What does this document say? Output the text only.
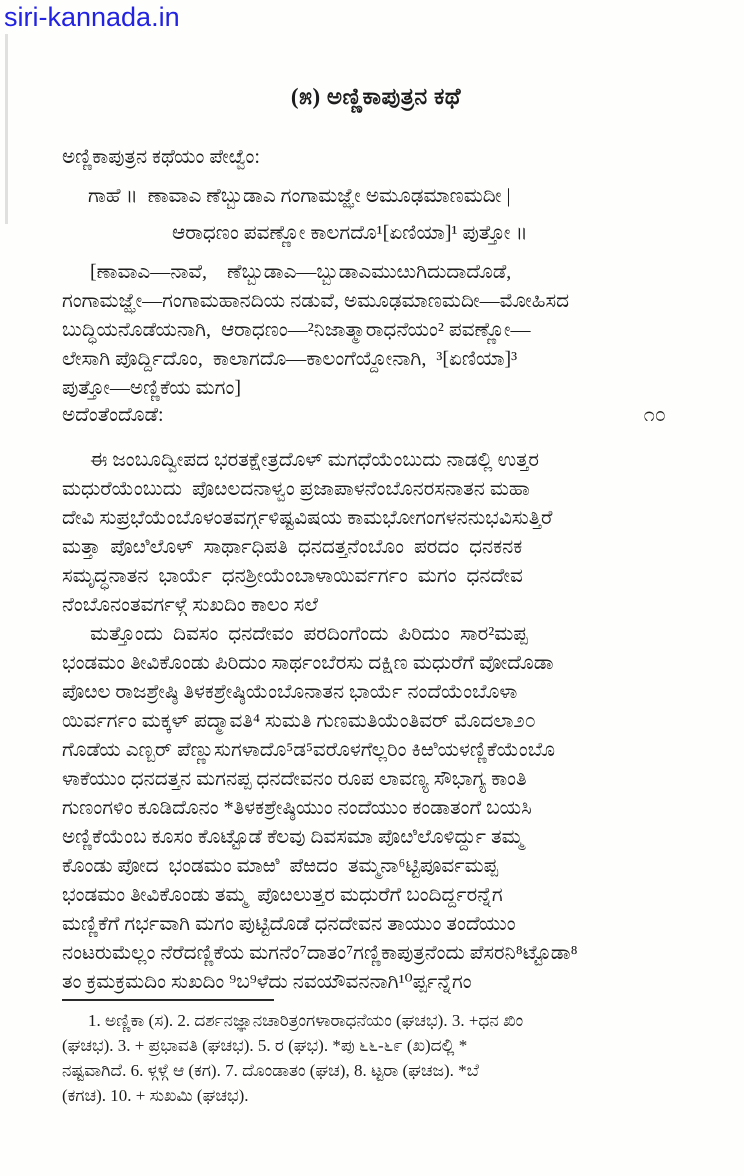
siri-kannada.in
(೫) ಅಣ್ಣಿಕಾಪುತ್ರನ ಕಥೆ
ಅಣ್ಣಿಕಾಪುತ್ರನ ಕಥೆಯಂ ಪೇೞ್ವೆಂ:
ಗಾಹೆ ॥  ಣಾವಾಎ ಣೆಬ್ಬುಡಾಎ ಗಂಗಾಮಜ್ಝೇ ಅಮೂಢಮಾಣಮದೀ |
ಆರಾಧಣಂ ಪವಣ್ಣೋ ಕಾಲಗದೊ¹[ಏಣಿಯಾ]¹ ಪುತ್ತೋ ॥
[ಣಾವಾಎ—ನಾವೆ,    ಣೆಬ್ಬುಡಾಎ—ಬ್ಬುಡಾಎಮುೞುಗಿದುದಾದೊಡೆ,
ಗಂಗಾಮಜ್ಝೇ—ಗಂಗಾಮಹಾನದಿಯ ನಡುವೆ, ಅಮೂಢಮಾಣಮದೀ—ಮೋಹಿಸದ
ಬುದ್ಧಿಯನೊಡೆಯನಾಗಿ,  ಆರಾಧಣಂ—²ನಿಜಾತ್ಮಾರಾಧನೆಯಂ² ಪವಣ್ಣೋ—
ಲೇಸಾಗಿ ಪೊರ್ದ್ದಿದೊಂ,  ಕಾಲಾಗದೊ—ಕಾಲಂಗೆಯ್ದೋನಾಗಿ,  ³[ಏಣಿಯಾ]³
ಪುತ್ತೋ—ಅಣ್ಣಿಕೆಯ ಮಗಂ]
ಅದೆಂತೆಂದೊಡೆ:	೧೦
ಈ ಜಂಬೂದ್ವೀಪದ ಭರತಕ್ಷೇತ್ರದೊಳ್ ಮಗಧೆಯೆಂಬುದು ನಾಡಲ್ಲಿ ಉತ್ತರ
ಮಧುರೆಯೆಂಬುದು  ಪೊೞಲದನಾಳ್ವಂ ಪ್ರಜಾಪಾಳನೆಂಬೊನರಸನಾತನ ಮಹಾ
ದೇವಿ ಸುಪ್ರಭೆಯೆಂಬೊಳಂತವರ್ಗ್ಗಳಿಷ್ಟವಿಷಯ ಕಾಮಭೋಗಂಗಳನನುಭವಿಸುತ್ತಿರೆ
ಮತ್ತಾ  ಪೊೞಿಲೊಳ್  ಸಾರ್ಥಾಧಿಪತಿ  ಧನದತ್ತನೆಂಬೊಂ  ಪರದಂ  ಧನಕನಕ
ಸಮೃದ್ಧನಾತನ  ಭಾರ್ಯೆ  ಧನಶ್ರೀಯೆಂಬಾಳಾಯಿರ್ವರ್ಗಂ  ಮಗಂ  ಧನದೇವ
ನೆಂಬೊನಂತವರ್ಗಳ್ಗೆ ಸುಖದಿಂ ಕಾಲಂ ಸಲೆ
ಮತ್ತೊಂದು  ದಿವಸಂ  ಧನದೇವಂ  ಪರದಿಂಗೆಂದು  ಪಿರಿದುಂ  ಸಾರ²ಮಪ್ಪ
ಭಂಡಮಂ ತೀವಿಕೊಂಡು ಪಿರಿದುಂ ಸಾರ್ಥಂಬೆರಸು ದಕ್ಷಿಣ ಮಧುರೆಗೆ ವೋದೊಡಾ
ಪೊೞಲ ರಾಜಶ್ರೇಷ್ಠಿ ತಿಳಕಶ್ರೇಷ್ಠಿಯೆಂಬೊನಾತನ ಭಾರ್ಯೆ ನಂದೆಯೆಂಬೊಳಾ
ಯಿರ್ವರ್ಗಂ ಮಕ್ಕಳ್ ಪದ್ಮಾವತಿ⁴ ಸುಮತಿ ಗುಣಮತಿಯೆಂತಿವರ್ ಮೊದಲಾ೨೦
ಗೊಡೆಯ ಎಣ್ಬರ್ ಪೆಣ್ಣುಸುಗಳಾದೊ⁵ಡ⁵ವರೊಳಗೆಲ್ಲರಿಂ ಕಿಱಿಯಳಣ್ಣಿಕೆಯೆಂಬೊ
ಳಾಕೆಯುಂ ಧನದತ್ತನ ಮಗನಪ್ಪ ಧನದೇವನಂ ರೂಪ ಲಾವಣ್ಯ ಸೌಭಾಗ್ಯ ಕಾಂತಿ
ಗುಣಂಗಳಿಂ ಕೂಡಿದೊನಂ *ತಿಳಕಶ್ರೇಷ್ಠಿಯುಂ ನಂದೆಯುಂ ಕಂಡಾತಂಗೆ ಬಯಸಿ
ಅಣ್ಣಿಕೆಯೆಂಬ ಕೂಸಂ ಕೊಟ್ಟೊಡೆ ಕೆಲವು ದಿವಸಮಾ ಪೊೞಿಲೊಳಿರ್ದ್ದು ತಮ್ಮ
ಕೊಂಡು ಪೋದ  ಭಂಡಮಂ ಮಾಱಿ  ಪೆಱದಂ  ತಮ್ಮನಾ⁶ಟ್ಟಿಪೂರ್ವಮಪ್ಪ
ಭಂಡಮಂ ತೀವಿಕೊಂಡು ತಮ್ಮ  ಪೊೞಲುತ್ತರ ಮಧುರೆಗೆ ಬಂದಿರ್ದ್ದರನ್ನೆಗ
ಮಣ್ಣಿಕೆಗೆ ಗರ್ಭವಾಗಿ ಮಗಂ ಪುಟ್ಟಿದೊಡೆ ಧನದೇವನ ತಾಯುಂ ತಂದೆಯುಂ
ನಂಟರುಮೆಲ್ಲಂ ನೆರೆದಣ್ಣಿಕೆಯ ಮಗನೆಂ⁷ದಾತಂ⁷ಗಣ್ಣಿಕಾಪುತ್ರನೆಂದು ಪೆಸರನಿ⁸ಟ್ಟೊಡಾ⁸
ತಂ ಕ್ರಮಕ್ರಮದಿಂ ಸುಖದಿಂ ⁹ಬ⁹ಳೆದು ನವಯೌವನನಾಗಿ¹⁰ರ್ಪ್ಪನ್ನೆಗಂ
1. ಅಣ್ಣಿಕಾ (ಸ). 2. ದರ್ಶನಜ್ಞಾನಚಾರಿತ್ರಂಗಳಾರಾಧನೆಯಂ (ಘಚಭ). 3. +ಧನ ಖಿಂ
(ಘಚಭ). 3. + ಪ್ರಭಾವತಿ (ಘಚಭ). 5. ರ (ಘಭ). *ಪು ೬೬-೬೯ (ಖ)ದಲ್ಲಿ *
ನಷ್ಟವಾಗಿದೆ. 6. ಳ್ಗಳ್ಗೆ ಆ (ಕಗ). 7. ದೊಂಡಾತಂ (ಘಚ), 8. ಟ್ಟರಾ (ಘಚಜ). *ಬೆ
(ಕಗಚ). 10. + ಸುಖಮಿ (ಘಚಭ).
